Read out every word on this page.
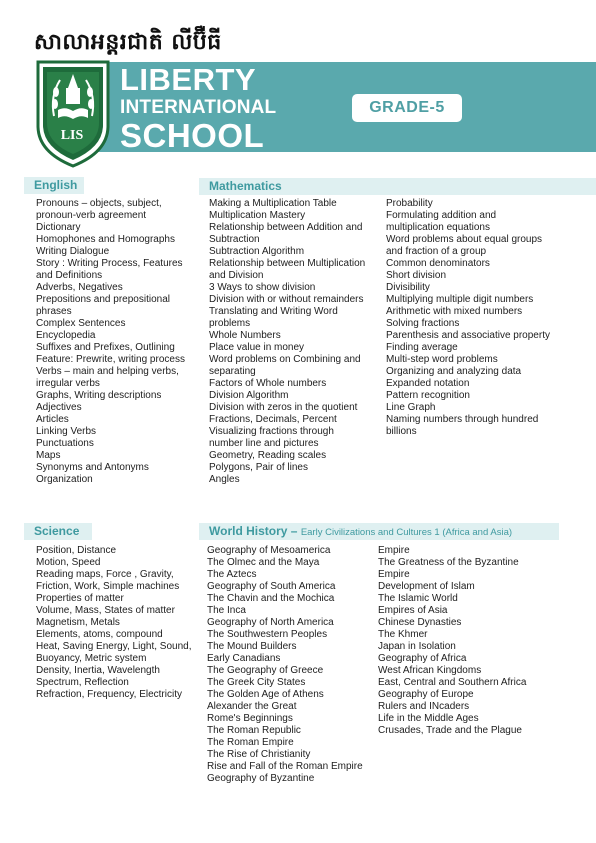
សាលាអន្តរជាតិ លីប៊ឺធី
LIS
LIBERTY
INTERNATIONAL
SCHOOL
GRADE-5
English
Pronouns – objects, subject, pronoun-verb agreement
Dictionary
Homophones and Homographs
Writing Dialogue
Story : Writing Process, Features and Definitions
Adverbs, Negatives
Prepositions and prepositional phrases
Complex Sentences
Encyclopedia
Suffixes and Prefixes, Outlining
Feature: Prewrite, writing process
Verbs – main and helping verbs, irregular verbs
Graphs, Writing descriptions
Adjectives
Articles
Linking Verbs
Punctuations
Maps
Synonyms and Antonyms
Organization
Mathematics
Making a Multiplication Table
Multiplication Mastery
Relationship between Addition and Subtraction
Subtraction Algorithm
Relationship between Multiplication and Division
3 Ways to show division
Division with or without remainders
Translating and Writing Word problems
Whole Numbers
Place value in money
Word problems on Combining and separating
Factors of Whole numbers
Division Algorithm
Division with zeros in the quotient
Fractions, Decimals, Percent
Visualizing fractions through number line and pictures
Geometry, Reading scales
Polygons, Pair of lines
Angles
Probability
Formulating addition and multiplication equations
Word problems about equal groups and fraction of a group
Common denominators
Short division
Divisibility
Multiplying multiple digit numbers
Arithmetic with mixed numbers
Solving fractions
Parenthesis and associative property
Finding average
Multi-step word problems
Organizing and analyzing data
Expanded notation
Pattern recognition
Line Graph
Naming numbers through hundred billions
Science
Position, Distance
Motion, Speed
Reading maps, Force , Gravity, Friction, Work, Simple machines
Properties of matter
Volume, Mass, States of matter
Magnetism, Metals
Elements, atoms, compound
Heat, Saving Energy, Light, Sound, Buoyancy, Metric system
Density, Inertia, Wavelength
Spectrum, Reflection
Refraction, Frequency, Electricity
World History – Early Civilizations and Cultures 1 (Africa and Asia)
Geography of Mesoamerica
The Olmec and the Maya
The Aztecs
Geography of South America
The Chavin and the Mochica
The Inca
Geography of North America
The Southwestern Peoples
The Mound Builders
Early Canadians
The Geography of Greece
The Greek City States
The Golden Age of Athens
Alexander the Great
Rome's Beginnings
The Roman Republic
The Roman Empire
The Rise of Christianity
Rise and Fall of the Roman Empire
Geography of Byzantine
Empire
The Greatness of the Byzantine Empire
Development of Islam
The Islamic World
Empires of Asia
Chinese Dynasties
The Khmer
Japan in Isolation
Geography of Africa
West African Kingdoms
East, Central and Southern Africa
Geography of Europe
Rulers and INcaders
Life in the Middle Ages
Crusades, Trade and the Plague
